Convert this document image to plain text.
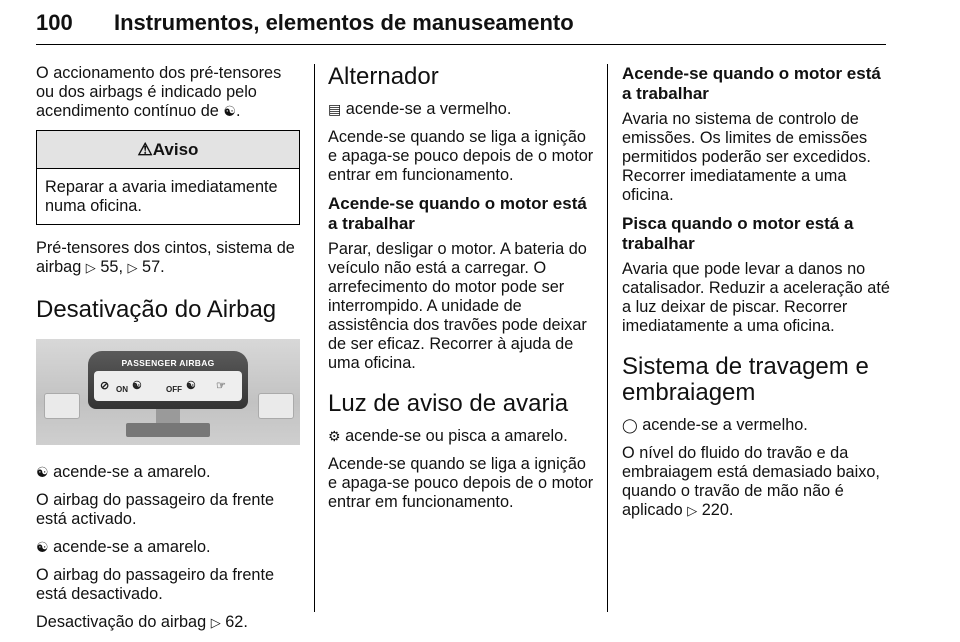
100 Instrumentos, elementos de manuseamento

O accionamento dos pré-tensores ou dos airbags é indicado pelo acendimento contínuo de ☯.

⚠Aviso
Reparar a avaria imediatamente numa oficina.

Pré-tensores dos cintos, sistema de airbag ▷ 55, ▷ 57.

Desativação do Airbag
PASSENGER AIRBAG
⊘ ON ☯	OFF ☯ ☞

☯ acende-se a amarelo.

O airbag do passageiro da frente está activado.

☯ acende-se a amarelo.

O airbag do passageiro da frente está desactivado.

Desactivação do airbag ▷ 62.

Alternador

▤ acende-se a vermelho.

Acende-se quando se liga a ignição e apaga-se pouco depois de o motor entrar em funcionamento.

Acende-se quando o motor está a trabalhar

Parar, desligar o motor. A bateria do veículo não está a carregar. O arrefecimento do motor pode ser interrompido. A unidade de assistência dos travões pode deixar de ser eficaz. Recorrer à ajuda de uma oficina.

Luz de aviso de avaria

⚙ acende-se ou pisca a amarelo.

Acende-se quando se liga a ignição e apaga-se pouco depois de o motor entrar em funcionamento.

Acende-se quando o motor está a trabalhar

Avaria no sistema de controlo de emissões. Os limites de emissões permitidos poderão ser excedidos. Recorrer imediatamente a uma oficina.

Pisca quando o motor está a trabalhar

Avaria que pode levar a danos no catalisador. Reduzir a aceleração até a luz deixar de piscar. Recorrer imediatamente a uma oficina.

Sistema de travagem e embraiagem

◯ acende-se a vermelho.

O nível do fluido do travão e da embraiagem está demasiado baixo, quando o travão de mão não é aplicado ▷ 220.
